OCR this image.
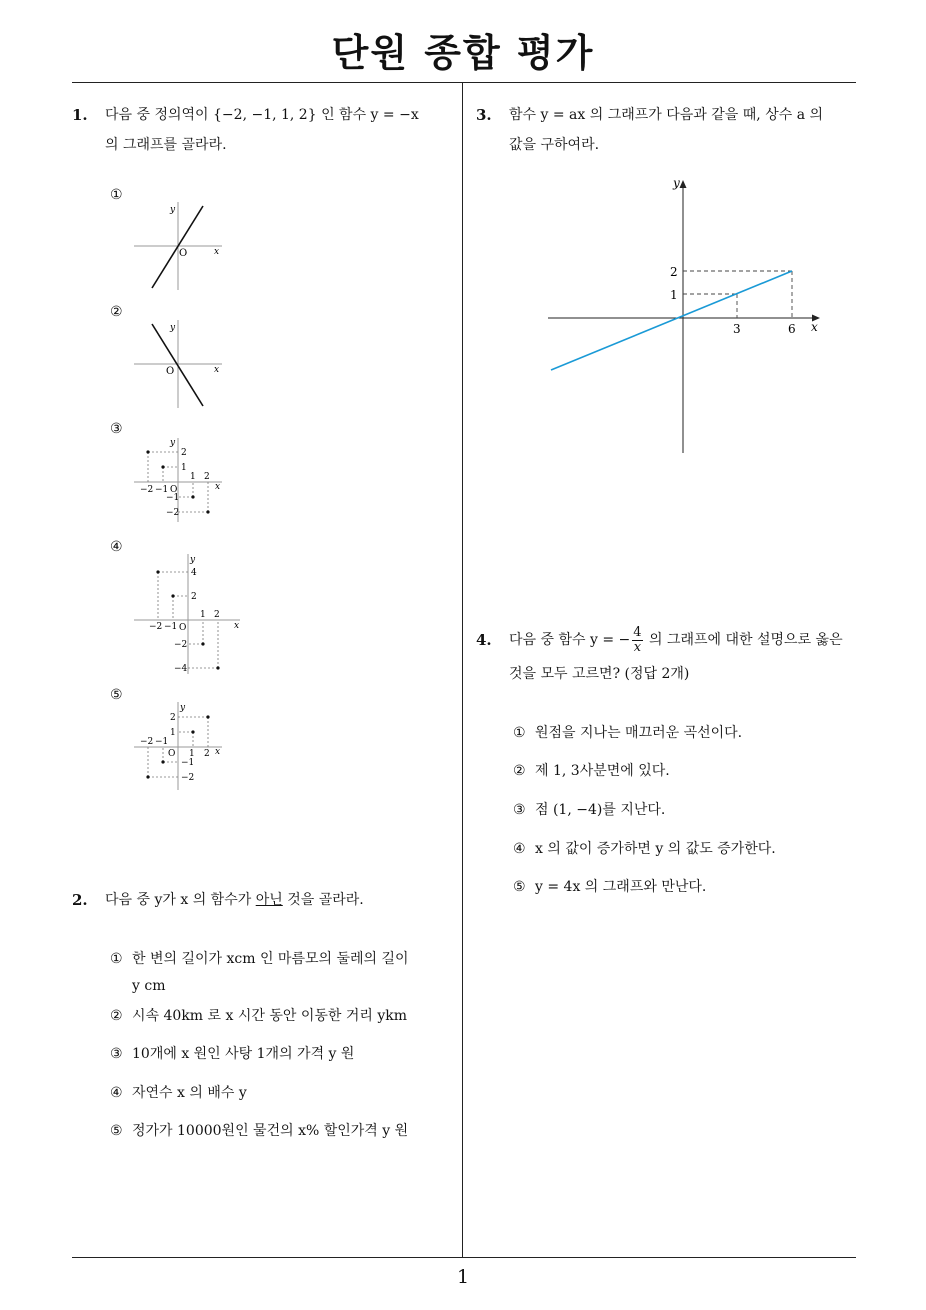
단원 종합 평가
1
1. 다음 중 정의역이 {−2, −1, 1, 2} 인 함수 y = −x
의 그래프를 골라라.
①
y
x
O
②
y
x
O
③
y
x
O
−2 −1
1 2
2
1
−1
−2
④
y
x
O
−2 −1
1 2
4
2
−2
−4
⑤
y
x
O
−2 −1
1 2
2
1
−1
−2
2. 다음 중 y가 x 의 함수가 아닌 것을 골라라.
① 한 변의 길이가 xcm 인 마름모의 둘레의 길이
y cm
② 시속 40km 로 x 시간 동안 이동한 거리 ykm
③ 10개에 x 원인 사탕 1개의 가격 y 원
④ 자연수 x 의 배수 y
⑤ 정가가 10000원인 물건의 x% 할인가격 y 원
3. 함수 y = ax 의 그래프가 다음과 같을 때, 상수 a 의
값을 구하여라.
y
x
3	6
1
2
4. 다음 중 함수 y = − $\frac{4}{x}$ 의 그래프에 대한 설명으로 옳은
것을 모두 고르면? (정답 2개)
① 원점을 지나는 매끄러운 곡선이다.
② 제 1, 3사분면에 있다.
③ 점 (1, −4)를 지난다.
④ x 의 값이 증가하면 y 의 값도 증가한다.
⑤ y = 4x 의 그래프와 만난다.
